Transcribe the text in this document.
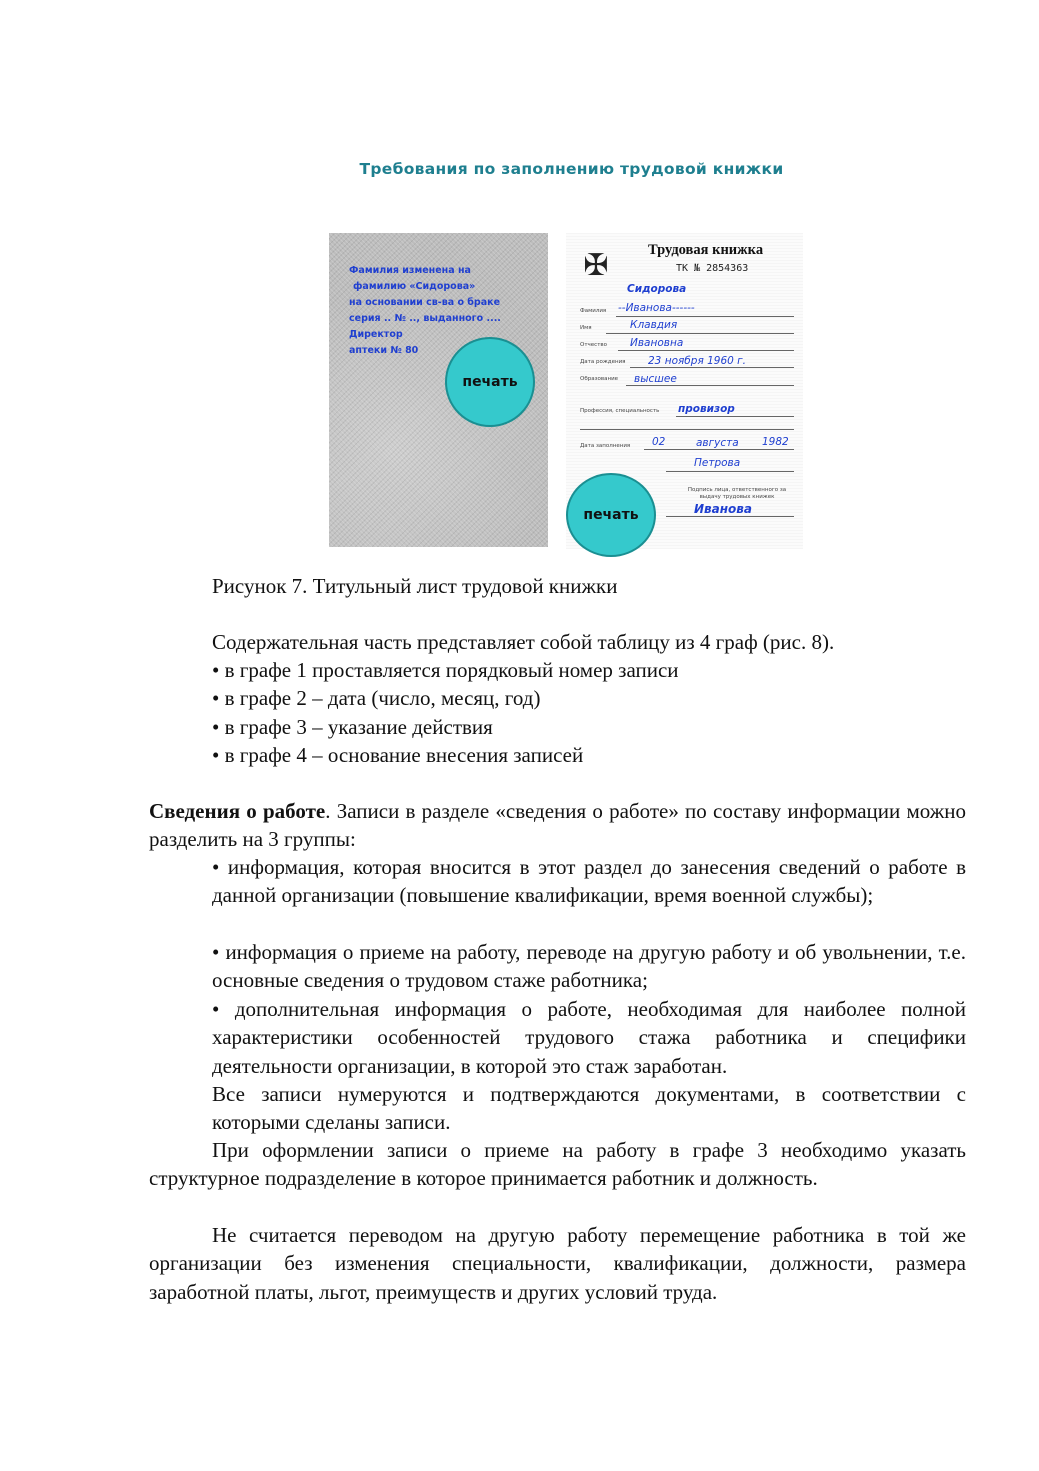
Требования по заполнению трудовой книжки
Фамилия изменена на
фамилию «Сидорова»
на основании св-ва о браке
серия .. № .., выданного ....
Директор
аптеки № 80
печать
✠	Трудовая книжка
ТК № 2854363
Сидорова
Фамилия --Иванова------
Имя	Клавдия
Отчество Ивановна
Дата рождения 23 ноября 1960 г.
Образование высшее
Профессия, специальность провизор
Дата заполнения 02	августа 1982
Петрова
Подпись лица, ответственного за выдачу трудовых книжек
Иванова
печать
Рисунок 7. Титульный лист трудовой книжки
Содержательная часть представляет собой таблицу из 4 граф (рис. 8).
• в графе 1 проставляется порядковый номер записи
• в графе 2 – дата (число, месяц, год)
• в графе 3 – указание действия
• в графе 4 – основание внесения записей
Сведения о работе. Записи в разделе «сведения о работе» по составу информации можно разделить на 3 группы:
• информация, которая вносится в этот раздел до занесения сведений о работе в данной организации (повышение квалификации, время военной службы);
• информация о приеме на работу, переводе на другую работу и об увольнении, т.е. основные сведения о трудовом стаже работника;
• дополнительная информация о работе, необходимая для наиболее полной характеристики особенностей трудового стажа работника и специфики деятельности организации, в которой это стаж заработан.
Все записи нумеруются и подтверждаются документами, в соответствии с которыми сделаны записи.
При оформлении записи о приеме на работу в графе 3 необходимо указать структурное подразделение в которое принимается работник и должность.
Не считается переводом на другую работу перемещение работника в той же организации без изменения специальности, квалификации, должности, размера заработной платы, льгот, преимуществ и других условий труда.
